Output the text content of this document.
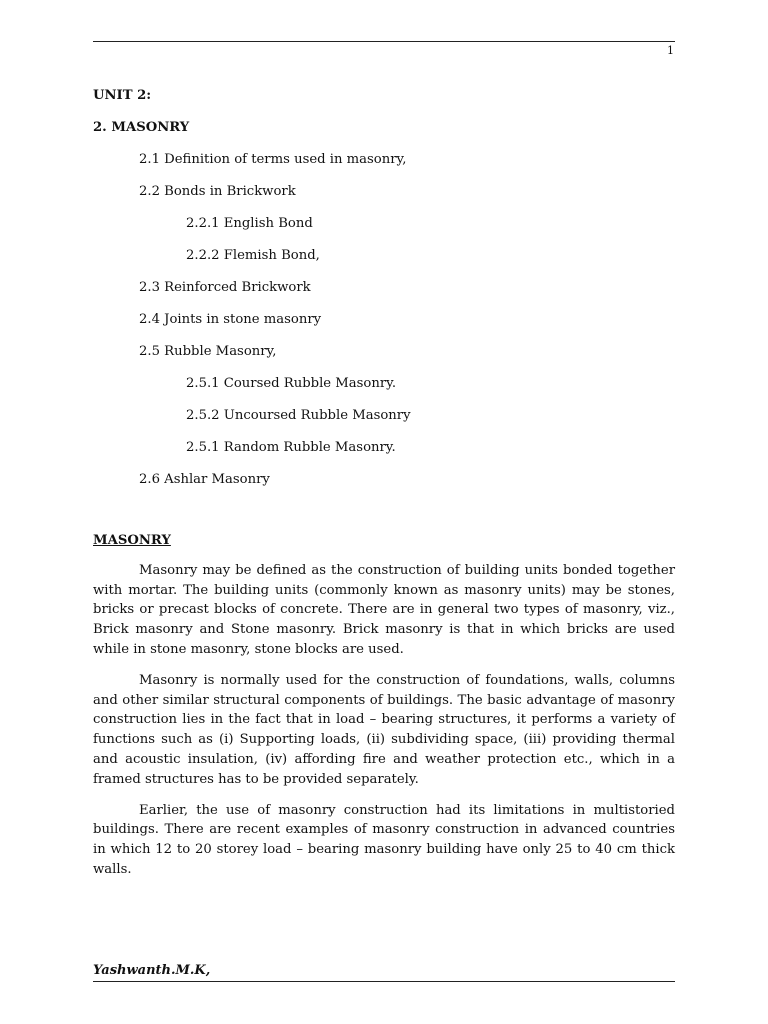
1

UNIT 2:

2. MASONRY

2.1 Definition of terms used in masonry,

2.2 Bonds in Brickwork

2.2.1 English Bond

2.2.2 Flemish Bond,

2.3 Reinforced Brickwork

2.4 Joints in stone masonry

2.5 Rubble Masonry,

2.5.1 Coursed Rubble Masonry.

2.5.2 Uncoursed Rubble Masonry

2.5.1 Random Rubble Masonry.

2.6 Ashlar Masonry

MASONRY

Masonry may be defined as the construction of building units bonded together with mortar. The building units (commonly known as masonry units) may be stones, bricks or precast blocks of concrete. There are in general two types of masonry, viz., Brick masonry and Stone masonry. Brick masonry is that in which bricks are used while in stone masonry, stone blocks are used.

Masonry is normally used for the construction of foundations, walls, columns and other similar structural components of buildings. The basic advantage of masonry construction lies in the fact that in load – bearing structures, it performs a variety of functions such as (i) Supporting loads, (ii) subdividing space, (iii) providing thermal and acoustic insulation, (iv) affording fire and weather protection etc., which in a framed structures has to be provided separately.

Earlier, the use of masonry construction had its limitations in multistoried buildings. There are recent examples of masonry construction in advanced countries in which 12 to 20 storey load – bearing masonry building have only 25 to 40 cm thick walls.

Yashwanth.M.K,
